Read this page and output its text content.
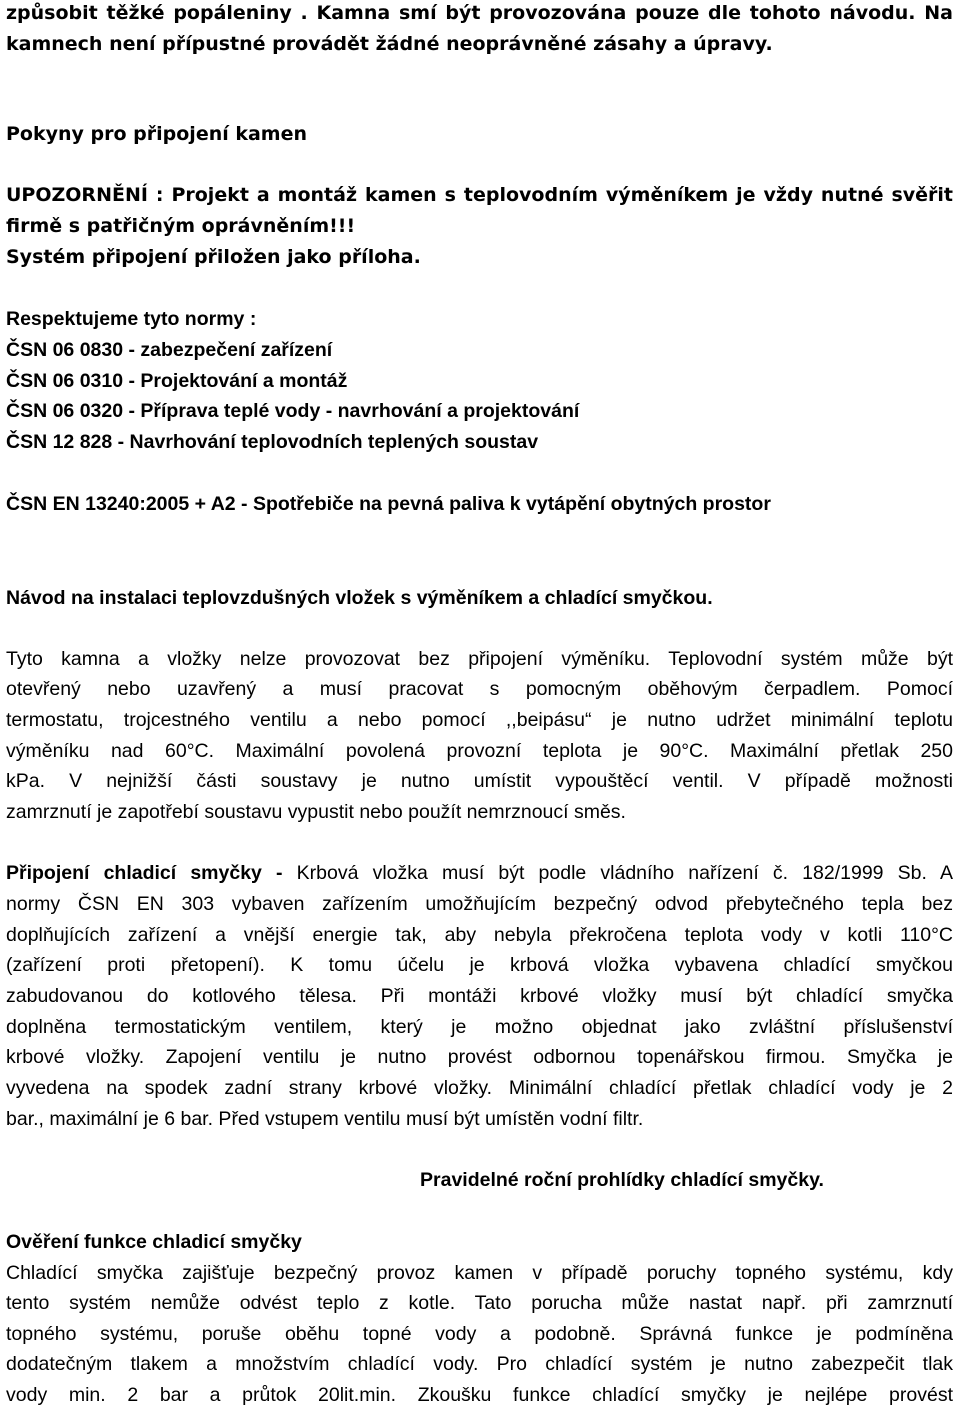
způsobit těžké popáleniny . Kamna smí být provozována pouze dle tohoto návodu. Na

kamnech není přípustné provádět žádné neoprávněné zásahy a úpravy.

Pokyny pro připojení kamen

UPOZORNĚNÍ : Projekt a montáž kamen s teplovodním výměníkem je vždy nutné svěřit

firmě s patřičným oprávněním!!!

Systém připojení přiložen jako příloha.

Respektujeme tyto normy :

ČSN 06 0830 - zabezpečení zařízení

ČSN 06 0310 - Projektování a montáž

ČSN 06 0320 - Příprava teplé vody - navrhování a projektování

ČSN 12 828 - Navrhování teplovodních teplených soustav

ČSN EN 13240:2005 + A2 - Spotřebiče na pevná paliva k vytápění obytných prostor

Návod na instalaci teplovzdušných vložek s výměníkem a chladící smyčkou.

Tyto kamna a vložky nelze provozovat bez připojení výměníku. Teplovodní systém může být

otevřený nebo uzavřený a musí pracovat s pomocným oběhovým čerpadlem. Pomocí

termostatu, trojcestného ventilu a nebo pomocí ,,beipásu“ je nutno udržet minimální teplotu

výměníku nad 60°C. Maximální povolená provozní teplota je 90°C. Maximální přetlak 250

kPa. V nejnižší části soustavy je nutno umístit vypouštěcí ventil. V případě možnosti

zamrznutí je zapotřebí soustavu vypustit nebo použít nemrznoucí směs.

Připojení chladicí smyčky - Krbová vložka musí být podle vládního nařízení č. 182/1999 Sb. A

normy ČSN EN 303 vybaven zařízením umožňujícím bezpečný odvod přebytečného tepla bez

doplňujících zařízení a vnější energie tak, aby nebyla překročena teplota vody v kotli 110°C

(zařízení proti přetopení). K tomu účelu je krbová vložka vybavena chladící smyčkou

zabudovanou do kotlového tělesa. Při montáži krbové vložky musí být chladící smyčka

doplněna termostatickým ventilem, který je možno objednat jako zvláštní příslušenství

krbové vložky. Zapojení ventilu je nutno provést odbornou topenářskou firmou. Smyčka je

vyvedena na spodek zadní strany krbové vložky. Minimální chladící přetlak chladící vody je 2

bar., maximální je 6 bar. Před vstupem ventilu musí být umístěn vodní filtr.

Pravidelné roční prohlídky chladící smyčky.

Ověření funkce chladicí smyčky

Chladící smyčka zajišťuje bezpečný provoz kamen v případě poruchy topného systému, kdy

tento systém nemůže odvést teplo z kotle. Tato porucha může nastat např. při zamrznutí

topného systému, poruše oběhu topné vody a podobně. Správná funkce je podmíněna

dodatečným tlakem a množstvím chladící vody. Pro chladící systém je nutno zabezpečit tlak

vody min. 2 bar a průtok 20lit.min. Zkoušku funkce chladící smyčky je nejlépe provést
